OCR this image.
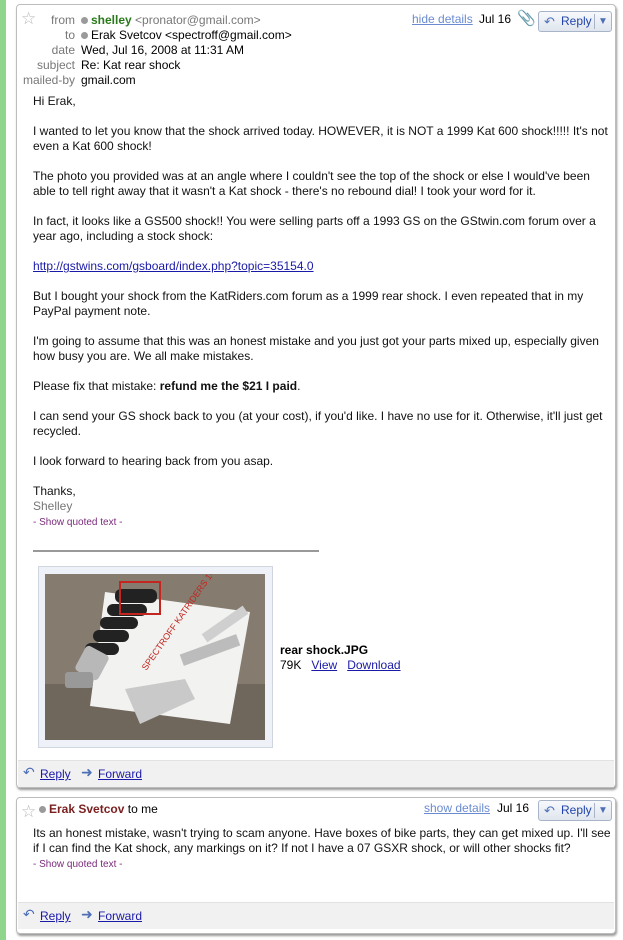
☆	from	shelley <pronator@gmail.com>
to	Erak Svetcov <spectroff@gmail.com>
date Wed, Jul 16, 2008 at 11:31 AM
subject Re: Kat rear shock
mailed-by gmail.com
hide details Jul 16 📎 ↶ Reply ▼

Hi Erak,

I wanted to let you know that the shock arrived today. HOWEVER, it is NOT a 1999 Kat 600 shock!!!!! It's not even a Kat 600 shock!

The photo you provided was at an angle where I couldn't see the top of the shock or else I would've been able to tell right away that it wasn't a Kat shock - there's no rebound dial! I took your word for it.

In fact, it looks like a GS500 shock!! You were selling parts off a 1993 GS on the GStwin.com forum over a year ago, including a stock shock:

http://gstwins.com/gsboard/index.php?topic=35154.0

But I bought your shock from the KatRiders.com forum as a 1999 rear shock. I even repeated that in my PayPal payment note.

I'm going to assume that this was an honest mistake and you just got your parts mixed up, especially given how busy you are. We all make mistakes.

Please fix that mistake: refund me the $21 I paid.

I can send your GS shock back to you (at your cost), if you'd like. I have no use for it. Otherwise, it'll just get recycled.

I look forward to hearing back from you asap.

Thanks,

Shelley

- Show quoted text -

rear shock.JPG
79K View Download
↶ Reply ➜ Forward
☆	Erak Svetcov to me	show details Jul 16 ↶ Reply ▼

Its an honest mistake, wasn't trying to scam anyone. Have boxes of bike parts, they can get mixed up. I'll see if I can find the Kat shock, any markings on it? If not I have a 07 GSXR shock, or will other shocks fit?

- Show quoted text -

↶ Reply ➜ Forward
